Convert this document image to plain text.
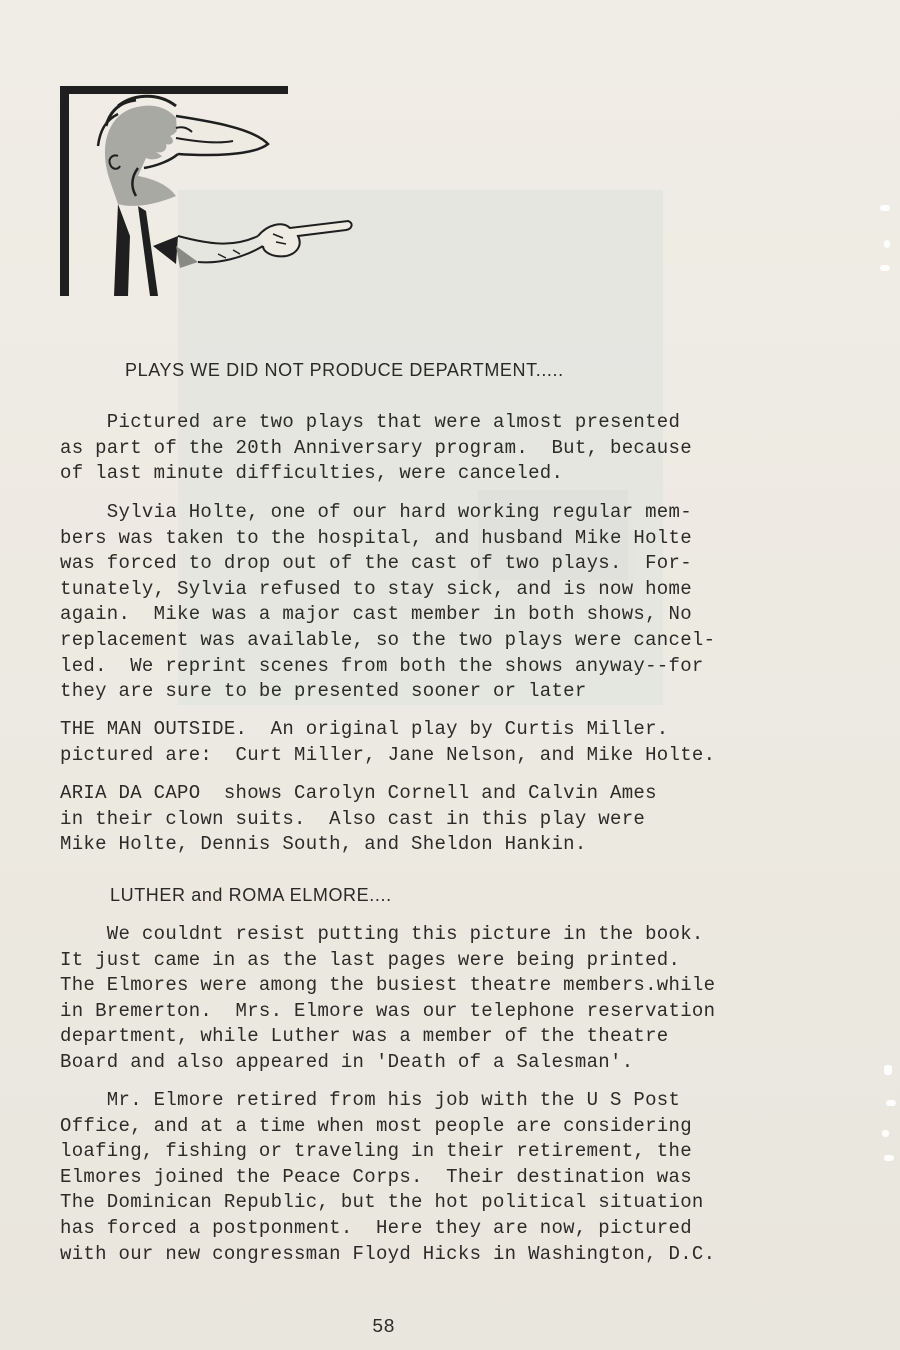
PLAYS WE DID NOT PRODUCE DEPARTMENT.....
Pictured are two plays that were almost presented
as part of the 20th Anniversary program.  But, because
of last minute difficulties, were canceled.
Sylvia Holte, one of our hard working regular mem-
bers was taken to the hospital, and husband Mike Holte
was forced to drop out of the cast of two plays.  For-
tunately, Sylvia refused to stay sick, and is now home
again.  Mike was a major cast member in both shows, No
replacement was available, so the two plays were cancel-
led.  We reprint scenes from both the shows anyway--for
they are sure to be presented sooner or later
THE MAN OUTSIDE.  An original play by Curtis Miller.
pictured are:  Curt Miller, Jane Nelson, and Mike Holte.
ARIA DA CAPO  shows Carolyn Cornell and Calvin Ames
in their clown suits.  Also cast in this play were
Mike Holte, Dennis South, and Sheldon Hankin.
LUTHER and ROMA ELMORE....
We couldnt resist putting this picture in the book.
It just came in as the last pages were being printed.
The Elmores were among the busiest theatre members.while
in Bremerton.  Mrs. Elmore was our telephone reservation
department, while Luther was a member of the theatre
Board and also appeared in 'Death of a Salesman'.
Mr. Elmore retired from his job with the U S Post
Office, and at a time when most people are considering
loafing, fishing or traveling in their retirement, the
Elmores joined the Peace Corps.  Their destination was
The Dominican Republic, but the hot political situation
has forced a postponment.  Here they are now, pictured
with our new congressman Floyd Hicks in Washington, D.C.
58
